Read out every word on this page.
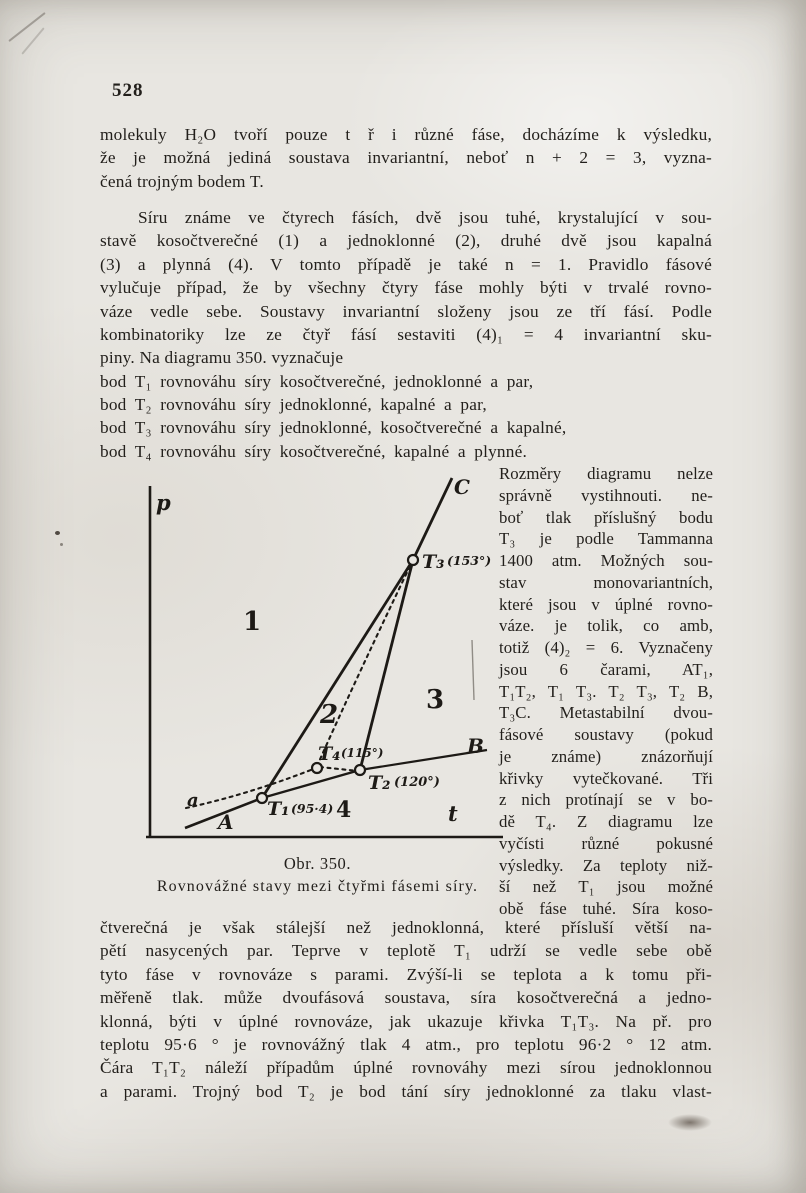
528
molekuly H₂O tvoří pouze t ř i různé fáse, docházíme k výsledku,
že je možná jediná soustava invariantní, neboť n + 2 = 3, vyzna-
čená trojným bodem T.
Síru známe ve čtyrech fásích, dvě jsou tuhé, krystalující v sou-
stavě kosočtverečné (1) a jednoklonné (2), druhé dvě jsou kapalná
(3) a plynná (4). V tomto případě je také n = 1. Pravidlo fásové
vylučuje případ, že by všechny čtyry fáse mohly býti v trvalé rovno-
váze vedle sebe. Soustavy invariantní složeny jsou ze tří fásí. Podle
kombinatoriky lze ze čtyř fásí sestaviti (4)₁ = 4 invariantní sku-
piny. Na diagramu 350. vyznačuje
bod T₁ rovnováhu síry kosočtverečné, jednoklonné a par,
bod T₂ rovnováhu síry jednoklonné, kapalné a par,
bod T₃ rovnováhu síry jednoklonné, kosočtverečné a kapalné,
bod T₄ rovnováhu síry kosočtverečné, kapalné a plynné.
p
t
a
A
B
C
1
2	3
4
T₁ (95·4)
T₂ (120°)
T₃ (153°)
T₄ (115°)
Obr. 350.
Rovnovážné stavy mezi čtyřmi fásemi síry.
Rozměry diagramu nelze
správně vystihnouti. ne-
boť tlak příslušný bodu
T₃ je podle Tammanna
1400 atm. Možných sou-
stav monovariantních,
které jsou v úplné rovno-
váze. je tolik, co amb,
totiž (4)₂ = 6. Vyznačeny
jsou 6 čarami, AT₁,
T₁T₂, T₁ T₃. T₂ T₃, T₂ B,
T₃C. Metastabilní dvou-
fásové soustavy (pokud
je známe) znázorňují
křivky vytečkované. Tři
z nich protínají se v bo-
dě T₄. Z diagramu lze
vyčísti různé pokusné
výsledky. Za teploty niž-
ší než T₁ jsou možné
obě fáse tuhé. Síra koso-
čtverečná je však stálejší než jednoklonná, které přísluší větší na-
pětí nasycených par. Teprve v teplotě T₁ udrží se vedle sebe obě
tyto fáse v rovnováze s parami. Zvýší-li se teplota a k tomu při-
měřeně tlak. může dvoufásová soustava, síra kosočtverečná a jedno-
klonná, býti v úplné rovnováze, jak ukazuje křivka T₁T₃. Na př. pro
teplotu 95·6 ° je rovnovážný tlak 4 atm., pro teplotu 96·2 ° 12 atm.
Čára T₁T₂ náleží případům úplné rovnováhy mezi sírou jednoklonnou
a parami. Trojný bod T₂ je bod tání síry jednoklonné za tlaku vlast-
